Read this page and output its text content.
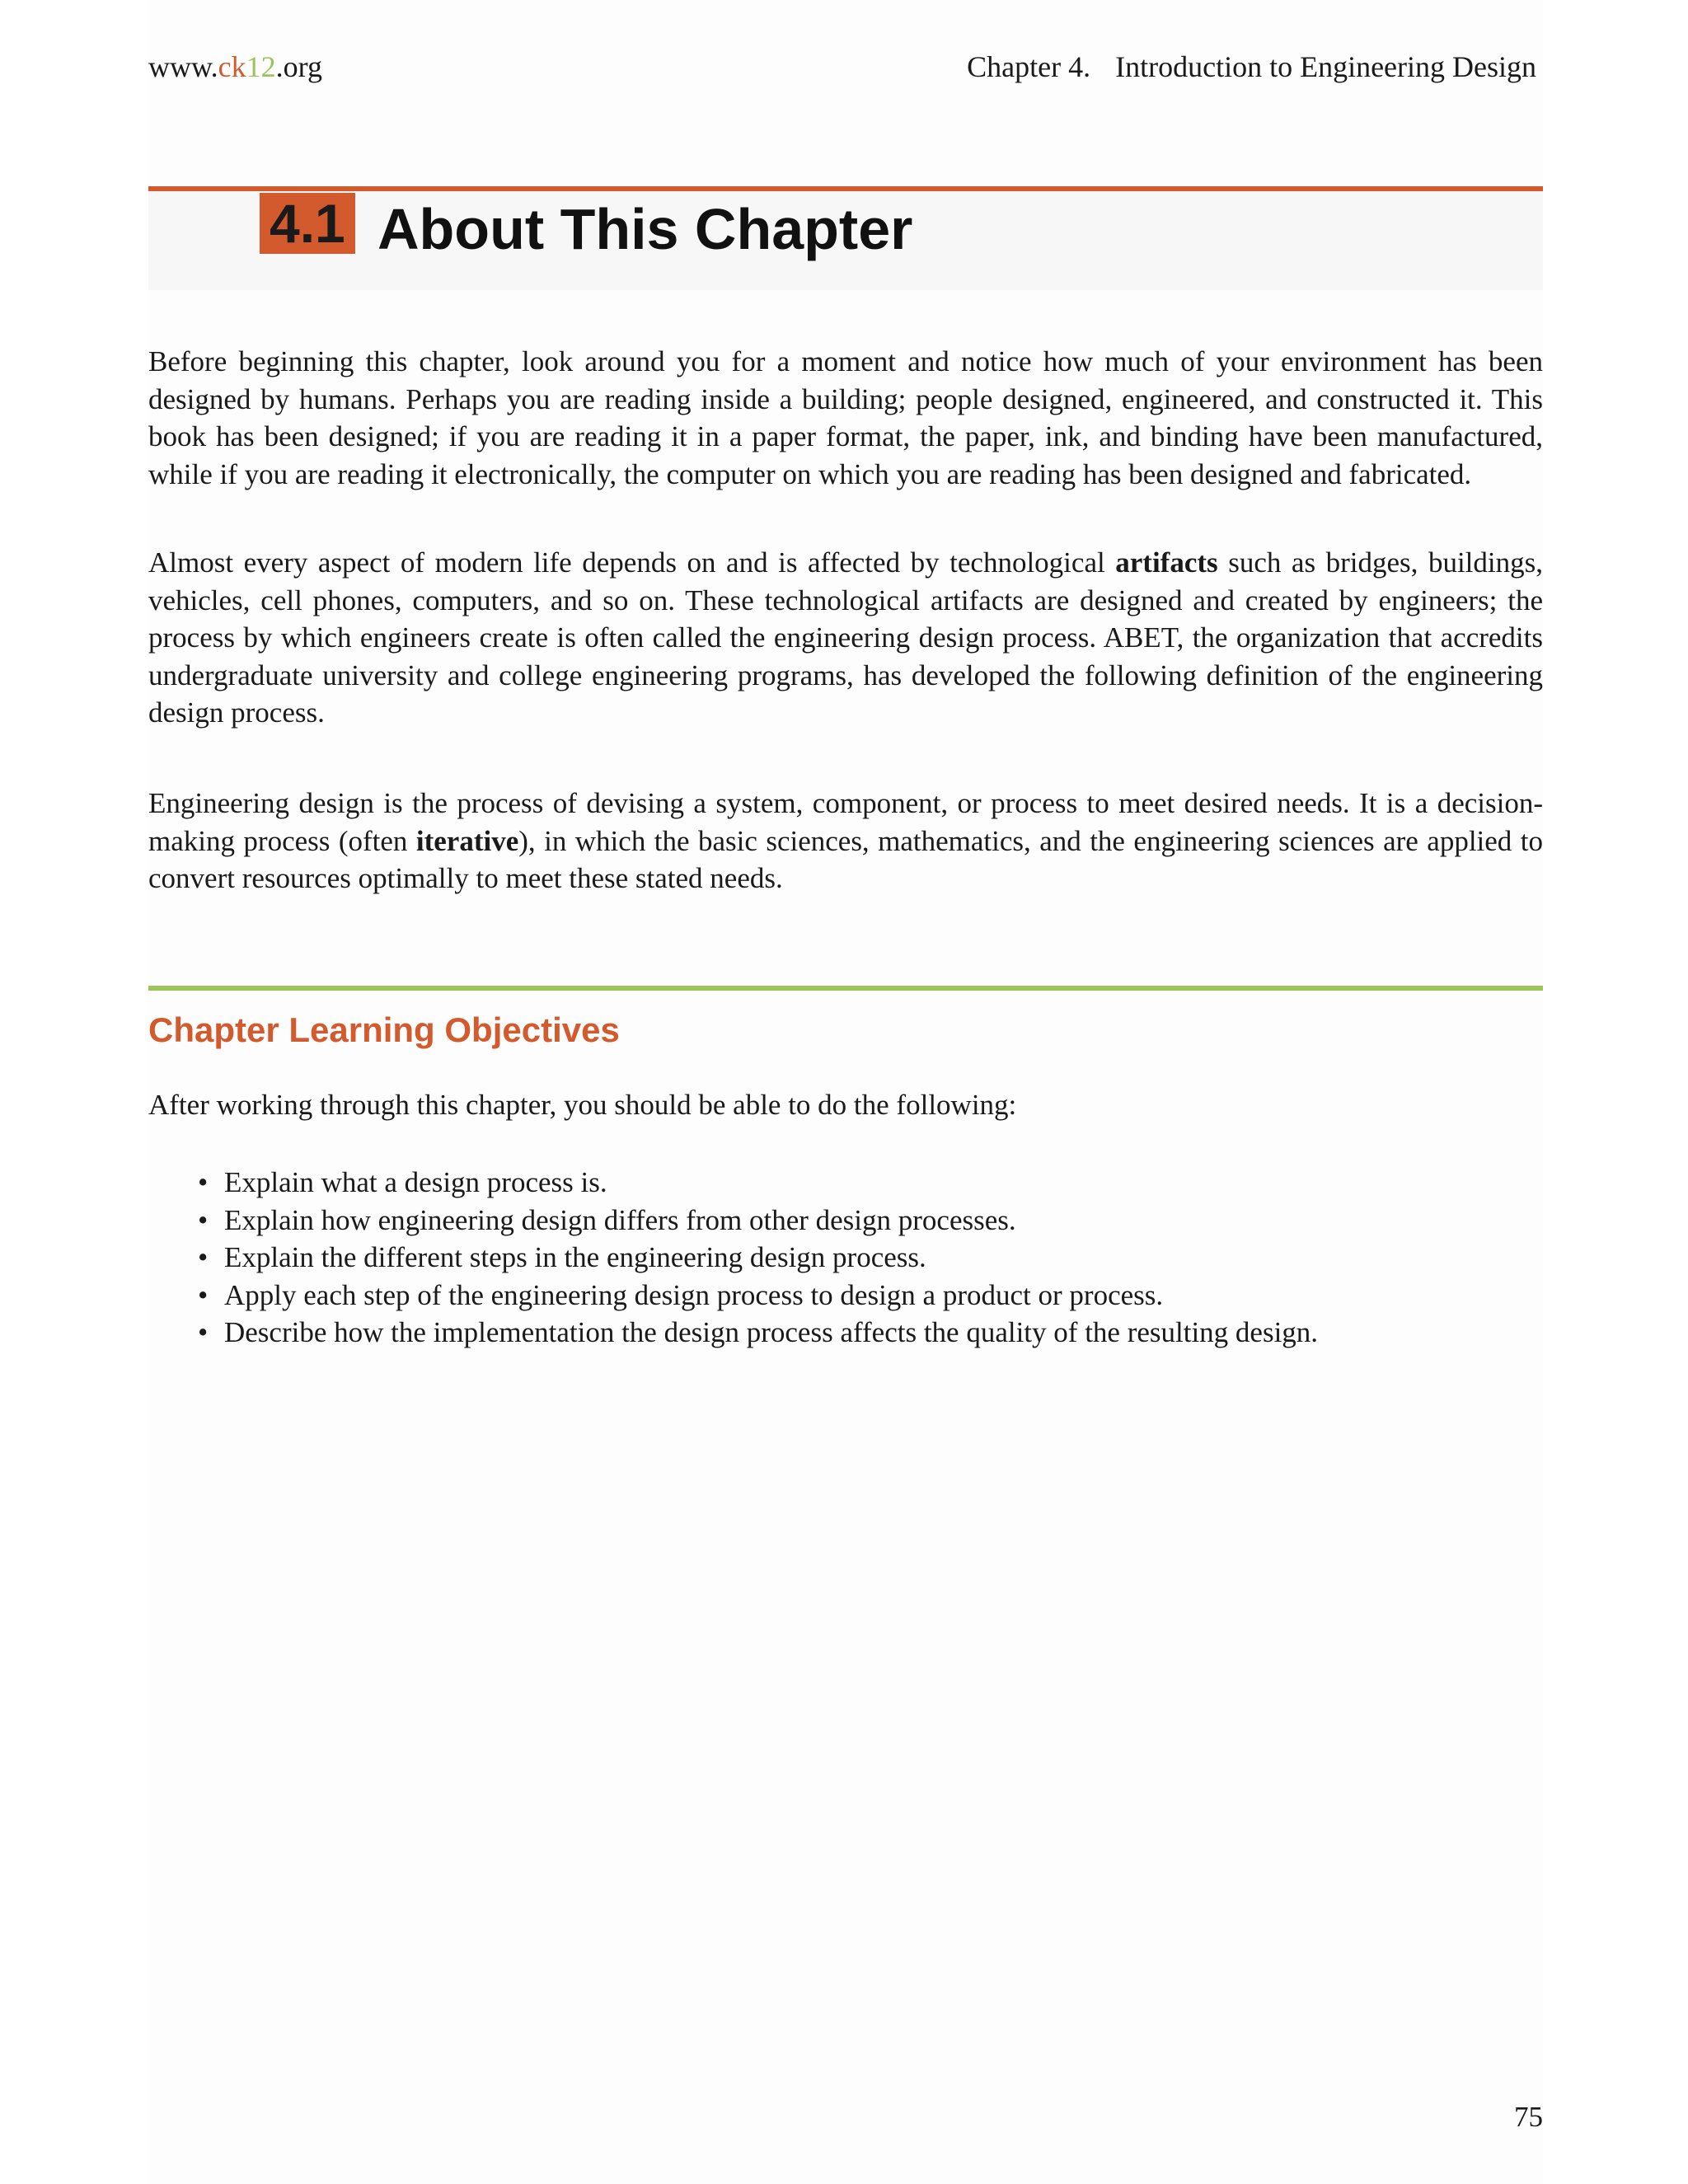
www.ck12.org	Chapter 4. Introduction to Engineering Design
4.1 About This Chapter

Before beginning this chapter, look around you for a moment and notice how much of your environment has been designed by humans. Perhaps you are reading inside a building; people designed, engineered, and constructed it. This book has been designed; if you are reading it in a paper format, the paper, ink, and binding have been manufactured, while if you are reading it electronically, the computer on which you are reading has been designed and fabricated.

Almost every aspect of modern life depends on and is affected by technological artifacts such as bridges, buildings, vehicles, cell phones, computers, and so on. These technological artifacts are designed and created by engineers; the process by which engineers create is often called the engineering design process. ABET, the organization that accredits undergraduate university and college engineering programs, has developed the following definition of the engineering design process.

Engineering design is the process of devising a system, component, or process to meet desired needs. It is a decision-making process (often iterative), in which the basic sciences, mathematics, and the engineering sciences are applied to convert resources optimally to meet these stated needs.

Chapter Learning Objectives

After working through this chapter, you should be able to do the following:

• Explain what a design process is.
• Explain how engineering design differs from other design processes.
• Explain the different steps in the engineering design process.
• Apply each step of the engineering design process to design a product or process.
• Describe how the implementation the design process affects the quality of the resulting design.
75
